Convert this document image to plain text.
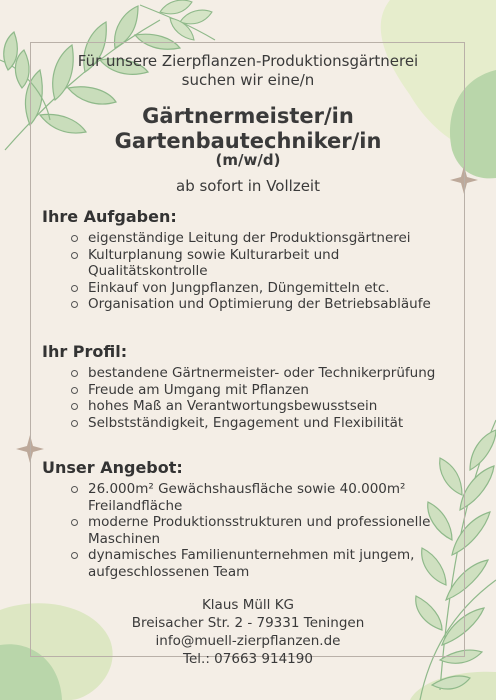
Für unsere Zierpflanzen-Produktionsgärtnerei
suchen wir eine/n
Gärtnermeister/in
Gartenbautechniker/in
(m/w/d)
ab sofort in Vollzeit
Ihre Aufgaben:
eigenständige Leitung der Produktionsgärtnerei
Kulturplanung sowie Kulturarbeit und Qualitätskontrolle
Einkauf von Jungpflanzen, Düngemitteln etc.
Organisation und Optimierung der Betriebsabläufe
Ihr Profil:
bestandene Gärtnermeister- oder Technikerprüfung
Freude am Umgang mit Pflanzen
hohes Maß an Verantwortungsbewusstsein
Selbstständigkeit, Engagement und Flexibilität
Unser Angebot:
26.000m² Gewächshausfläche sowie 40.000m² Freilandfläche
moderne Produktionsstrukturen und professionelle Maschinen
dynamisches Familienunternehmen mit jungem, aufgeschlossenen Team
Klaus Müll KG
Breisacher Str. 2 - 79331 Teningen
info@muell-zierpflanzen.de
Tel.: 07663 914190
